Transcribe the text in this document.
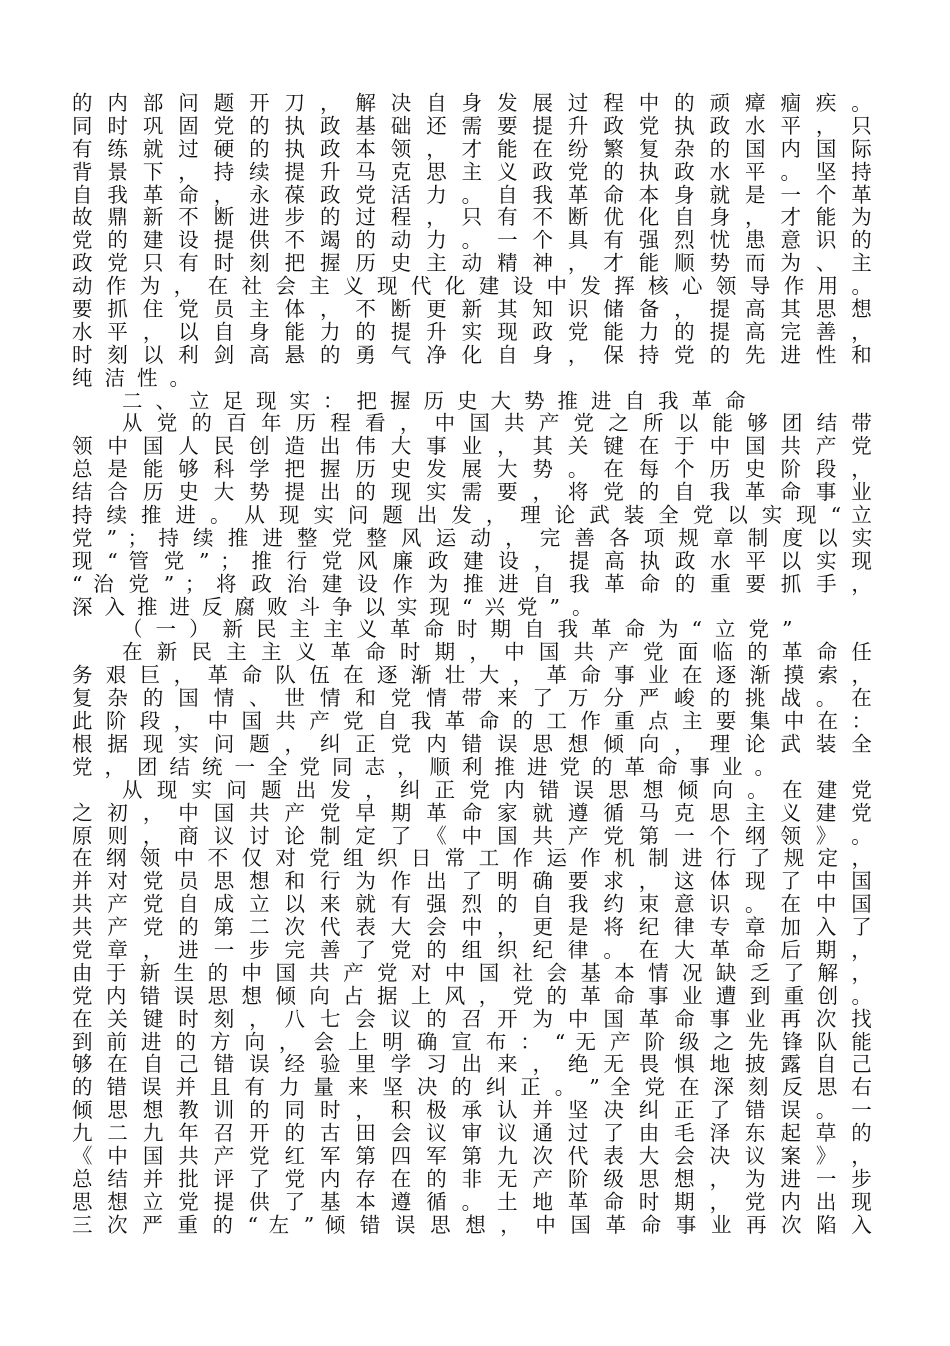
的 内 部 问 题 开 刀 ， 解 决 自 身 发 展 过 程 中 的 顽 瘴 痼 疾 。
同 时 巩 固 党 的 执 政 基 础 还 需 要 提 升 政 党 执 政 水 平 ， 只
有 练 就 过 硬 的 执 政 本 领 ， 才 能 在 纷 繁 复 杂 的 国 内 国 际
背 景 下 ， 持 续 提 升 马 克 思 主 义 政 党 的 执 政 水 平 。 坚 持
自 我 革 命 ， 永 葆 政 党 活 力 。 自 我 革 命 本 身 就 是 一 个 革
故 鼎 新 不 断 进 步 的 过 程 ， 只 有 不 断 优 化 自 身 ， 才 能 为
党 的 建 设 提 供 不 竭 的 动 力 。 一 个 具 有 强 烈 忧 患 意 识 的
政 党 只 有 时 刻 把 握 历 史 主 动 精 神 ， 才 能 顺 势 而 为 、 主
动 作 为 ， 在 社 会 主 义 现 代 化 建 设 中 发 挥 核 心 领 导 作 用 。
要 抓 住 党 员 主 体 ， 不 断 更 新 其 知 识 储 备 ， 提 高 其 思 想
水 平 ， 以 自 身 能 力 的 提 升 实 现 政 党 能 力 的 提 高 完 善 ，
时 刻 以 利 剑 高 悬 的 勇 气 净 化 自 身 ， 保 持 党 的 先 进 性 和
纯洁性。
二、立足现实：把握历史大势推进自我革命
从 党 的 百 年 历 程 看 ， 中 国 共 产 党 之 所 以 能 够 团 结 带
领 中 国 人 民 创 造 出 伟 大 事 业 ， 其 关 键 在 于 中 国 共 产 党
总 是 能 够 科 学 把 握 历 史 发 展 大 势 。 在 每 个 历 史 阶 段 ，
结 合 历 史 大 势 提 出 的 现 实 需 要 ， 将 党 的 自 我 革 命 事 业
持 续 推 进 。 从 现 实 问 题 出 发 ， 理 论 武 装 全 党 以 实 现 “ 立
党 ” ； 持 续 推 进 整 党 整 风 运 动 ， 完 善 各 项 规 章 制 度 以 实
现 “ 管 党 ” ； 推 行 党 风 廉 政 建 设 ， 提 高 执 政 水 平 以 实 现
“ 治 党 ” ； 将 政 治 建 设 作 为 推 进 自 我 革 命 的 重 要 抓 手 ，
深入推进反腐败斗争以实现“兴党”。
（一）新民主主义革命时期自我革命为“立党”
在 新 民 主 主 义 革 命 时 期 ， 中 国 共 产 党 面 临 的 革 命 任
务 艰 巨 ， 革 命 队 伍 在 逐 渐 壮 大 ， 革 命 事 业 在 逐 渐 摸 索 ，
复 杂 的 国 情 、 世 情 和 党 情 带 来 了 万 分 严 峻 的 挑 战 。 在
此 阶 段 ， 中 国 共 产 党 自 我 革 命 的 工 作 重 点 主 要 集 中 在 ：
根 据 现 实 问 题 ， 纠 正 党 内 错 误 思 想 倾 向 ， 理 论 武 装 全
党，团结统一全党同志，顺利推进党的革命事业。
从 现 实 问 题 出 发 ， 纠 正 党 内 错 误 思 想 倾 向 。 在 建 党
之 初 ， 中 国 共 产 党 早 期 革 命 家 就 遵 循 马 克 思 主 义 建 党
原 则 ， 商 议 讨 论 制 定 了 《 中 国 共 产 党 第 一 个 纲 领 》 。
在 纲 领 中 不 仅 对 党 组 织 日 常 工 作 运 作 机 制 进 行 了 规 定 ，
并 对 党 员 思 想 和 行 为 作 出 了 明 确 要 求 ， 这 体 现 了 中 国
共 产 党 自 成 立 以 来 就 有 强 烈 的 自 我 约 束 意 识 。 在 中 国
共 产 党 的 第 二 次 代 表 大 会 中 ， 更 是 将 纪 律 专 章 加 入 了
党 章 ， 进 一 步 完 善 了 党 的 组 织 纪 律 。 在 大 革 命 后 期 ，
由 于 新 生 的 中 国 共 产 党 对 中 国 社 会 基 本 情 况 缺 乏 了 解 ，
党 内 错 误 思 想 倾 向 占 据 上 风 ， 党 的 革 命 事 业 遭 到 重 创 。
在 关 键 时 刻 ， 八 七 会 议 的 召 开 为 中 国 革 命 事 业 再 次 找
到 前 进 的 方 向 ， 会 上 明 确 宣 布 ： “ 无 产 阶 级 之 先 锋 队 能
够 在 自 己 错 误 经 验 里 学 习 出 来 ， 绝 无 畏 惧 地 披 露 自 己
的 错 误 并 且 有 力 量 来 坚 决 的 纠 正 。 ” 全 党 在 深 刻 反 思 右
倾 思 想 教 训 的 同 时 ， 积 极 承 认 并 坚 决 纠 正 了 错 误 。 一
九 二 九 年 召 开 的 古 田 会 议 审 议 通 过 了 由 毛 泽 东 起 草 的
《 中 国 共 产 党 红 军 第 四 军 第 九 次 代 表 大 会 决 议 案 》 ，
总 结 并 批 评 了 党 内 存 在 的 非 无 产 阶 级 思 想 ， 为 进 一 步
思 想 立 党 提 供 了 基 本 遵 循 。 土 地 革 命 时 期 ， 党 内 出 现
三 次 严 重 的 “ 左 ” 倾 错 误 思 想 ， 中 国 革 命 事 业 再 次 陷 入
